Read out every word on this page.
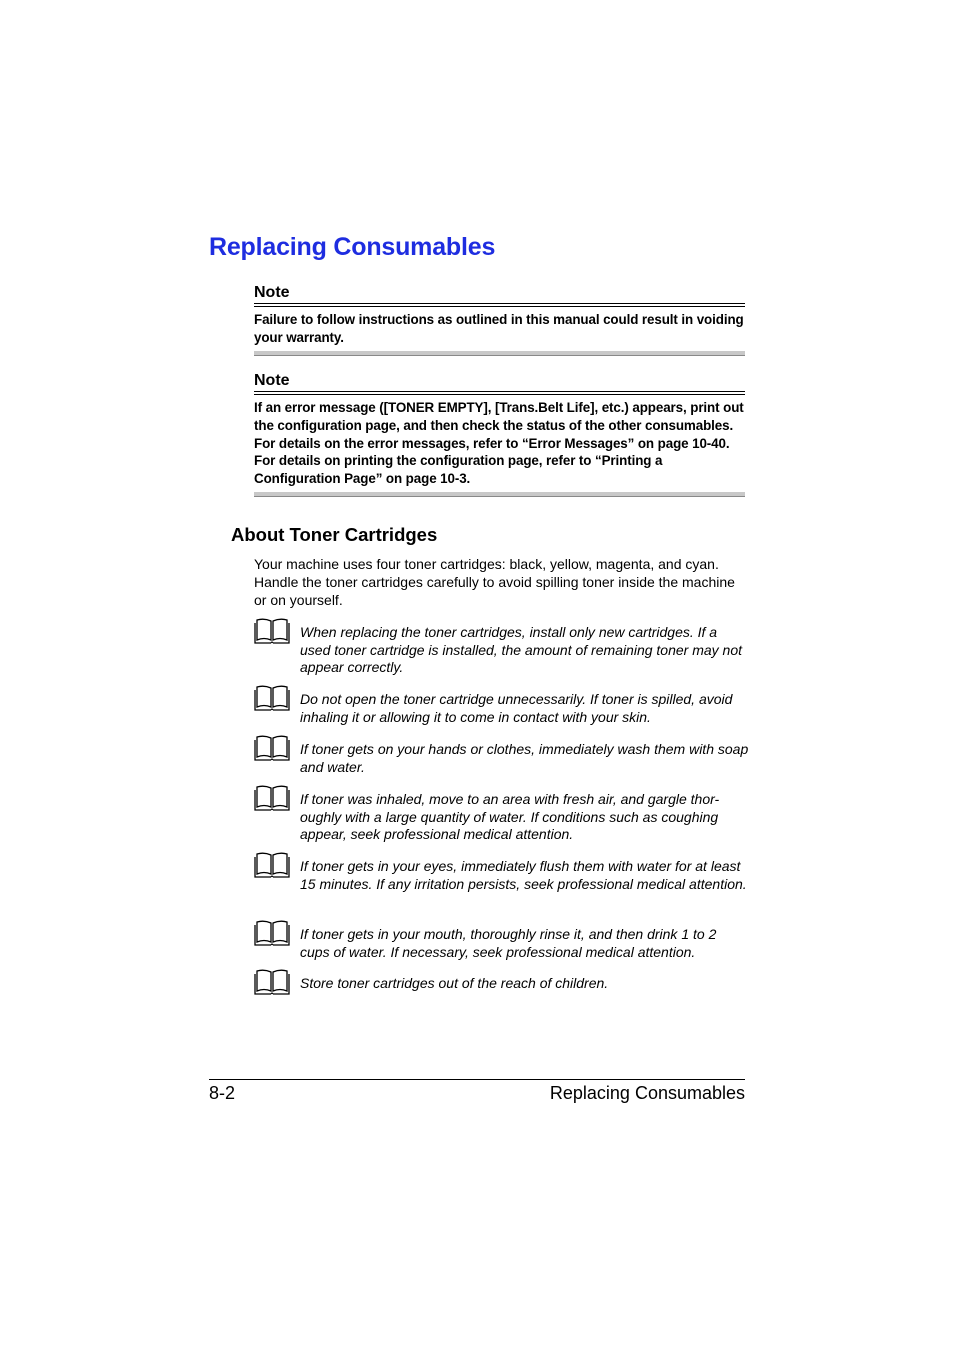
Replacing Consumables
Note
Failure to follow instructions as outlined in this manual could result in voiding your warranty.
Note
If an error message ([TONER EMPTY], [Trans.Belt Life], etc.) appears, print out the configuration page, and then check the status of the other consumables. For details on the error messages, refer to “Error Messages” on page 10-40. For details on printing the configuration page, refer to “Printing a Configuration Page” on page 10-3.
About Toner Cartridges

Your machine uses four toner cartridges: black, yellow, magenta, and cyan. Handle the toner cartridges carefully to avoid spilling toner inside the machine or on yourself.

When replacing the toner cartridges, install only new cartridges. If a used toner cartridge is installed, the amount of remaining toner may not appear correctly.

Do not open the toner cartridge unnecessarily. If toner is spilled, avoid inhaling it or allowing it to come in contact with your skin.

If toner gets on your hands or clothes, immediately wash them with soap and water.

If toner was inhaled, move to an area with fresh air, and gargle thor-oughly with a large quantity of water. If conditions such as coughing appear, seek professional medical attention.

If toner gets in your eyes, immediately flush them with water for at least 15 minutes. If any irritation persists, seek professional medical attention.

If toner gets in your mouth, thoroughly rinse it, and then drink 1 to 2 cups of water. If necessary, seek professional medical attention.

Store toner cartridges out of the reach of children.

8-2	Replacing Consumables
